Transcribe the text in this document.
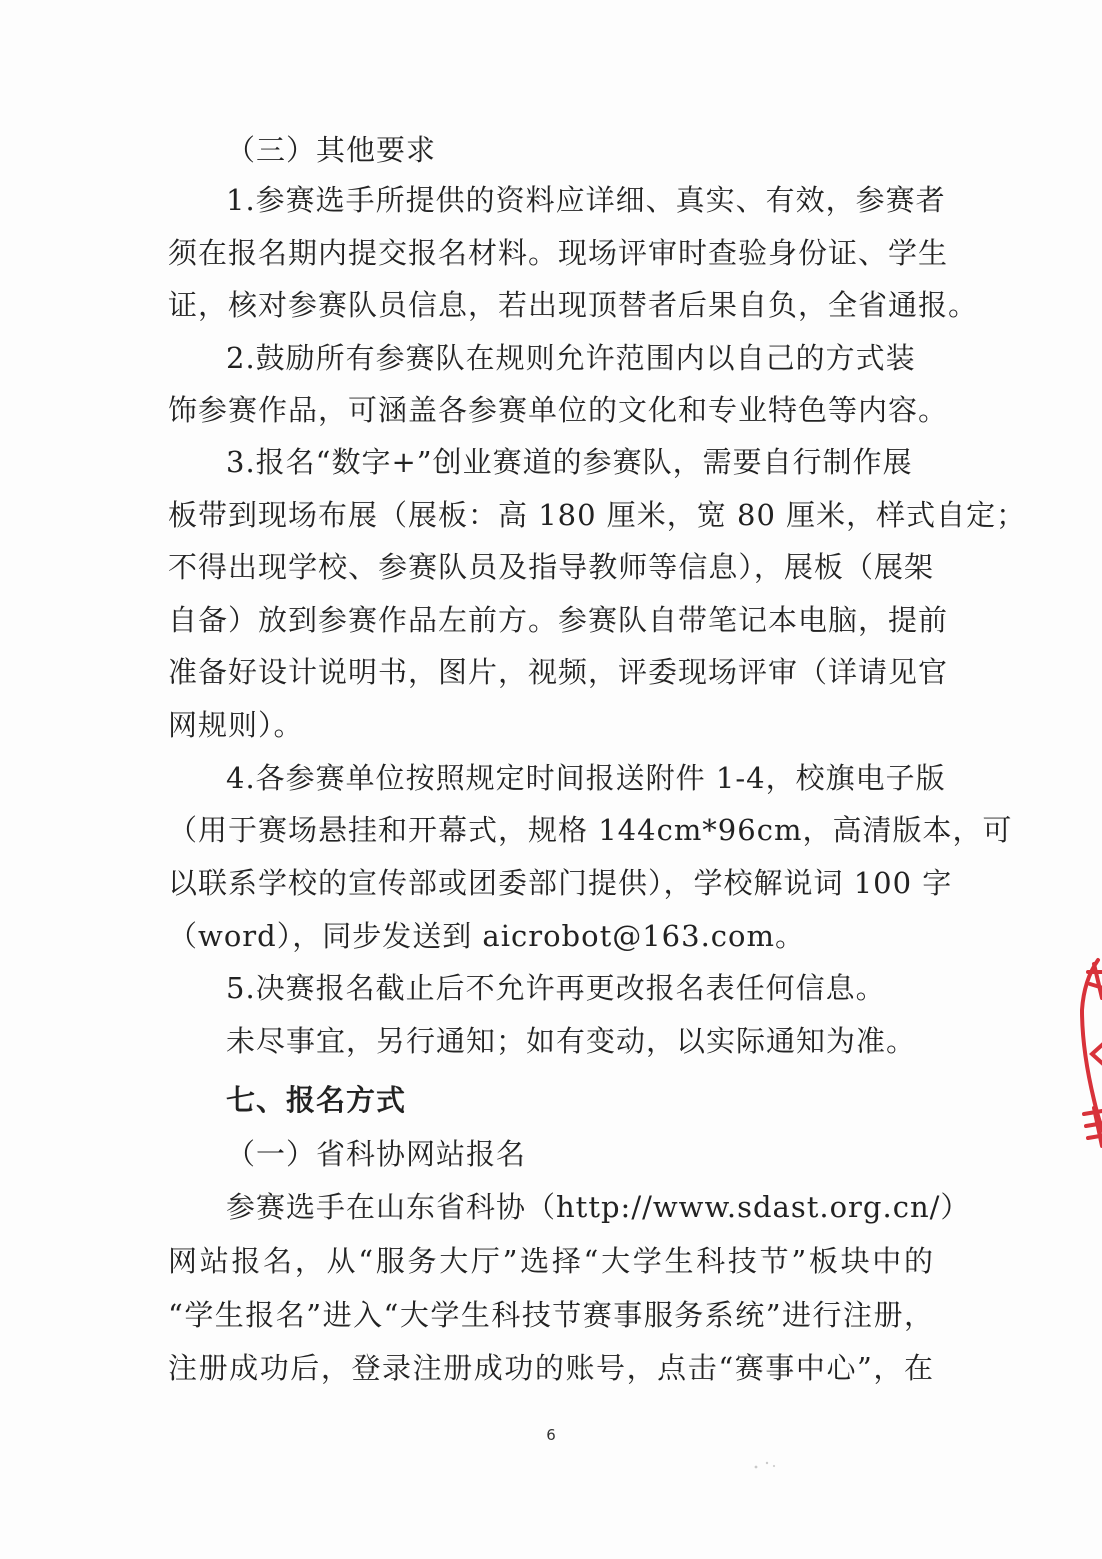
（三）其他要求
1.参赛选手所提供的资料应详细、真实、有效，参赛者
须在报名期内提交报名材料。现场评审时查验身份证、学生
证，核对参赛队员信息，若出现顶替者后果自负，全省通报。
2.鼓励所有参赛队在规则允许范围内以自己的方式装
饰参赛作品，可涵盖各参赛单位的文化和专业特色等内容。
3.报名“数字+”创业赛道的参赛队，需要自行制作展
板带到现场布展（展板：高 180 厘米，宽 80 厘米，样式自定；
不得出现学校、参赛队员及指导教师等信息），展板（展架
自备）放到参赛作品左前方。参赛队自带笔记本电脑，提前
准备好设计说明书，图片，视频，评委现场评审（详请见官
网规则）。
4.各参赛单位按照规定时间报送附件 1-4，校旗电子版
（用于赛场悬挂和开幕式，规格 144cm*96cm，高清版本，可
以联系学校的宣传部或团委部门提供），学校解说词 100 字
（word），同步发送到 aicrobot@163.com。
5.决赛报名截止后不允许再更改报名表任何信息。
未尽事宜，另行通知；如有变动，以实际通知为准。
七、报名方式
（一）省科协网站报名
参赛选手在山东省科协（http://www.sdast.org.cn/）
网站报名，从“服务大厅”选择“大学生科技节”板块中的
“学生报名”进入“大学生科技节赛事服务系统”进行注册，
注册成功后，登录注册成功的账号，点击“赛事中心”，在
6
